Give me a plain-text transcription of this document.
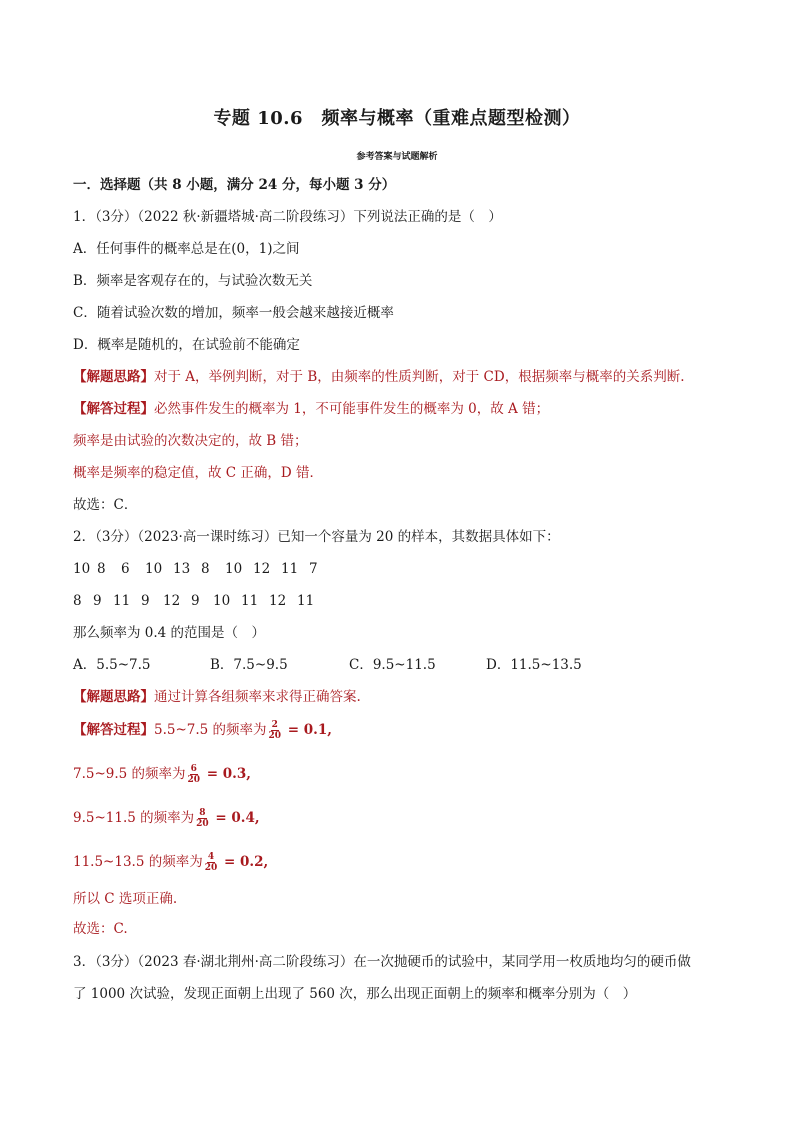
专题 10.6　频率与概率（重难点题型检测）
参考答案与试题解析
一．选择题（共 8 小题，满分 24 分，每小题 3 分）
1．（3分）（2022 秋·新疆塔城·高二阶段练习）下列说法正确的是（　）
A．任何事件的概率总是在(0，1)之间
B．频率是客观存在的，与试验次数无关
C．随着试验次数的增加，频率一般会越来越接近概率
D．概率是随机的，在试验前不能确定
【解题思路】对于 A，举例判断，对于 B，由频率的性质判断，对于 CD，根据频率与概率的关系判断.
【解答过程】必然事件发生的概率为 1，不可能事件发生的概率为 0，故 A 错；
频率是由试验的次数决定的，故 B 错；
概率是频率的稳定值，故 C 正确，D 错．
故选：C．
2．（3分）（2023·高一课时练习）已知一个容量为 20 的样本，其数据具体如下：
10 8 6 10 13 8 10 12 11 7
8 9 11 9 12 9 10 11 12 11
那么频率为 0.4 的范围是（　）
A．5.5~7.5	B．7.5~9.5	C．9.5~11.5	D．11.5~13.5
【解题思路】通过计算各组频率来求得正确答案.
【解答过程】5.5~7.5 的频率为 $\frac{2}{20} = 0.1$,
7.5~9.5 的频率为 $\frac{6}{20} = 0.3$,
9.5~11.5 的频率为 $\frac{8}{20} = 0.4$,
11.5~13.5 的频率为 $\frac{4}{20} = 0.2$,
所以 C 选项正确.
故选：C.
3．（3分）（2023 春·湖北荆州·高二阶段练习）在一次抛硬币的试验中，某同学用一枚质地均匀的硬币做
了 1000 次试验，发现正面朝上出现了 560 次，那么出现正面朝上的频率和概率分别为（　）
